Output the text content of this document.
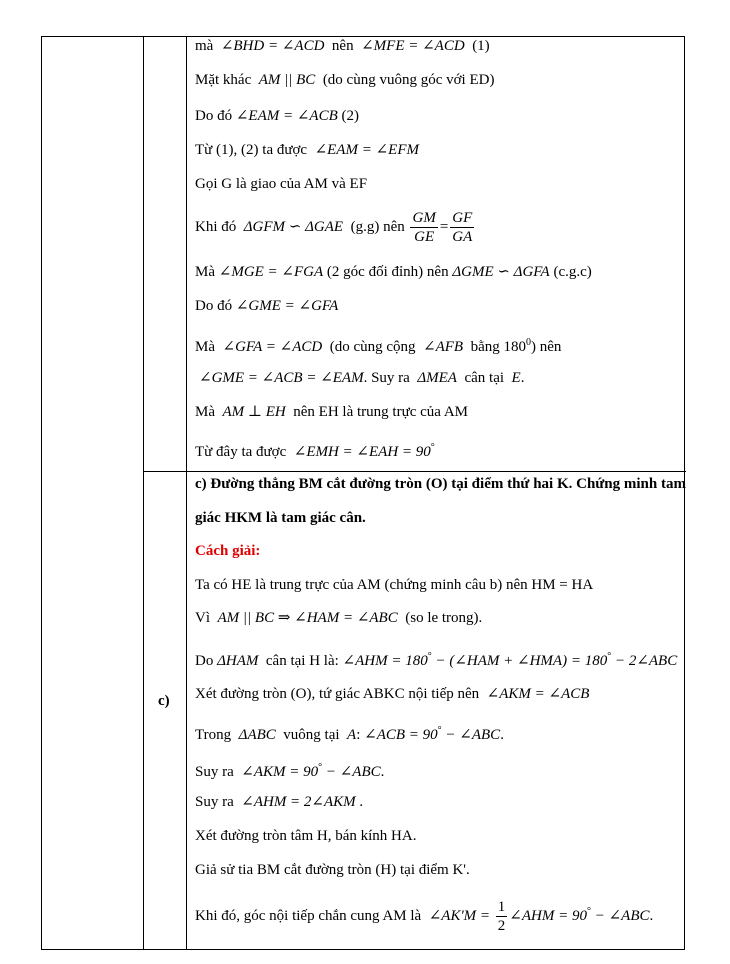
mà ∠BHD = ∠ACD nên ∠MFE = ∠ACD (1)
Mặt khác AM || BC (do cùng vuông góc với ED)
Do đó ∠EAM = ∠ACB (2)
Từ (1), (2) ta được ∠EAM = ∠EFM
Gọi G là giao của AM và EF
Khi đó ΔGFM ∽ ΔGAE (g.g) nên $\frac{GM}{GE} = \frac{GF}{GA}$
Mà ∠MGE = ∠FGA (2 góc đối đỉnh) nên ΔGME ∽ ΔGFA (c.g.c)
Do đó ∠GME = ∠GFA
Mà ∠GFA = ∠ACD (do cùng cộng ∠AFB bằng $180^0$) nên
∠GME = ∠ACB = ∠EAM. Suy ra ΔMEA cân tại E.
Mà AM ⊥ EH nên EH là trung trực của AM
Từ đây ta được ∠EMH = ∠EAH = 90°
c)
c) Đường thẳng BM cắt đường tròn (O) tại điểm thứ hai K. Chứng minh tam
giác HKM là tam giác cân.
Cách giải:
Ta có HE là trung trực của AM (chứng minh câu b) nên HM = HA
Vì AM || BC ⇒ ∠HAM = ∠ABC (so le trong).
Do ΔHAM cân tại H là: ∠AHM = 180° − (∠HAM + ∠HMA) = 180° − 2∠ABC
Xét đường tròn (O), tứ giác ABKC nội tiếp nên ∠AKM = ∠ACB
Trong ΔABC vuông tại A: ∠ACB = 90° − ∠ABC.
Suy ra ∠AKM = 90° − ∠ABC.
Suy ra ∠AHM = 2∠AKM .
Xét đường tròn tâm H, bán kính HA.
Giả sử tia BM cắt đường tròn (H) tại điểm K'.
Khi đó, góc nội tiếp chắn cung AM là ∠AK'M = $\frac{1}{2}$ ∠AHM = 90° − ∠ABC.
